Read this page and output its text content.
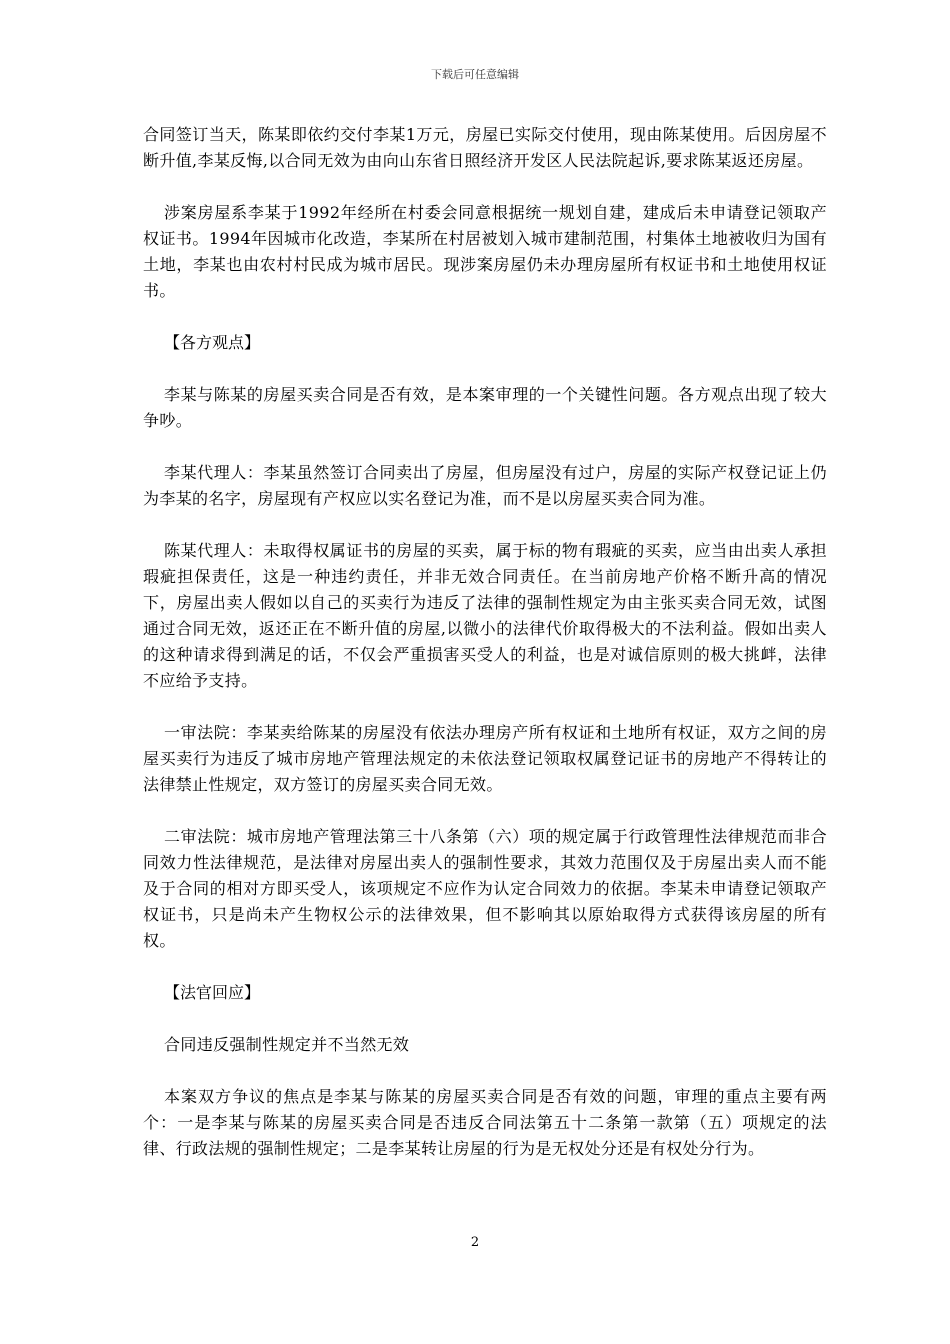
下载后可任意编辑

合同签订当天，陈某即依约交付李某1万元，房屋已实际交付使用，现由陈某使用。后因房屋不断升值,李某反悔,以合同无效为由向山东省日照经济开发区人民法院起诉,要求陈某返还房屋。

涉案房屋系李某于1992年经所在村委会同意根据统一规划自建，建成后未申请登记领取产权证书。1994年因城市化改造，李某所在村居被划入城市建制范围，村集体土地被收归为国有土地，李某也由农村村民成为城市居民。现涉案房屋仍未办理房屋所有权证书和土地使用权证书。

【各方观点】

李某与陈某的房屋买卖合同是否有效，是本案审理的一个关键性问题。各方观点出现了较大争吵。

李某代理人：李某虽然签订合同卖出了房屋，但房屋没有过户，房屋的实际产权登记证上仍为李某的名字，房屋现有产权应以实名登记为准，而不是以房屋买卖合同为准。

陈某代理人：未取得权属证书的房屋的买卖，属于标的物有瑕疵的买卖，应当由出卖人承担瑕疵担保责任，这是一种违约责任，并非无效合同责任。在当前房地产价格不断升高的情况下，房屋出卖人假如以自己的买卖行为违反了法律的强制性规定为由主张买卖合同无效，试图通过合同无效，返还正在不断升值的房屋,以微小的法律代价取得极大的不法利益。假如出卖人的这种请求得到满足的话，不仅会严重损害买受人的利益，也是对诚信原则的极大挑衅，法律不应给予支持。

一审法院：李某卖给陈某的房屋没有依法办理房产所有权证和土地所有权证，双方之间的房屋买卖行为违反了城市房地产管理法规定的未依法登记领取权属登记证书的房地产不得转让的法律禁止性规定，双方签订的房屋买卖合同无效。

二审法院：城市房地产管理法第三十八条第（六）项的规定属于行政管理性法律规范而非合同效力性法律规范，是法律对房屋出卖人的强制性要求，其效力范围仅及于房屋出卖人而不能及于合同的相对方即买受人，该项规定不应作为认定合同效力的依据。李某未申请登记领取产权证书，只是尚未产生物权公示的法律效果，但不影响其以原始取得方式获得该房屋的所有权。

【法官回应】

合同违反强制性规定并不当然无效

本案双方争议的焦点是李某与陈某的房屋买卖合同是否有效的问题，审理的重点主要有两个：一是李某与陈某的房屋买卖合同是否违反合同法第五十二条第一款第（五）项规定的法律、行政法规的强制性规定；二是李某转让房屋的行为是无权处分还是有权处分行为。

2
